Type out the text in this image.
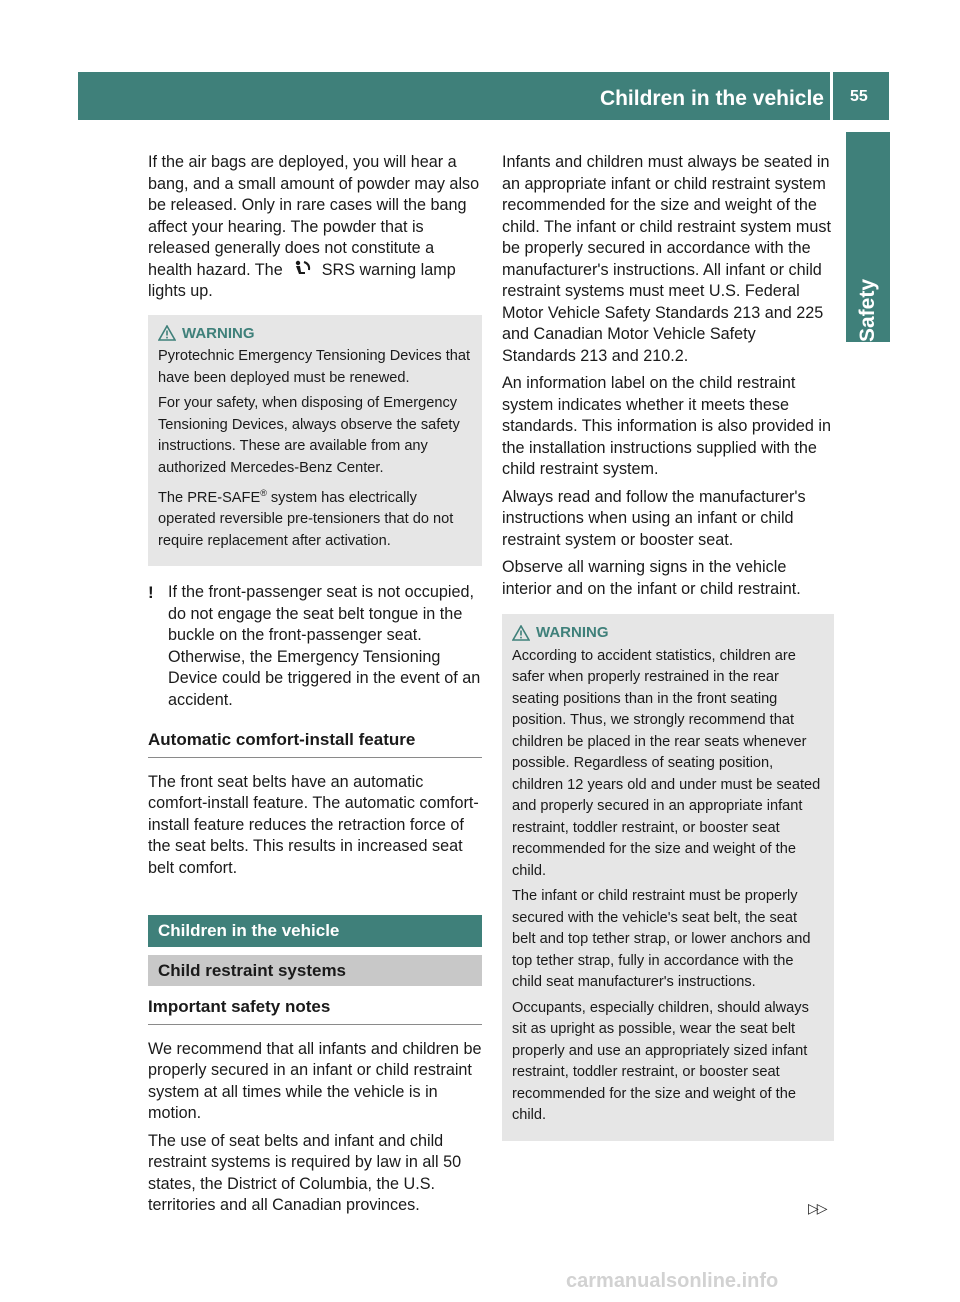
Children in the vehicle 55
Safety

If the air bags are deployed, you will hear a bang, and a small amount of powder may also be released. Only in rare cases will the bang affect your hearing. The powder that is released generally does not constitute a health hazard. The SRS warning lamp lights up.

WARNING

Pyrotechnic Emergency Tensioning Devices that have been deployed must be renewed.

For your safety, when disposing of Emergency Tensioning Devices, always observe the safety instructions. These are available from any authorized Mercedes-Benz Center.

The PRE-SAFE® system has electrically operated reversible pre-tensioners that do not require replacement after activation.

! If the front-passenger seat is not occupied, do not engage the seat belt tongue in the buckle on the front-passenger seat. Otherwise, the Emergency Tensioning Device could be triggered in the event of an accident.
Automatic comfort-install feature

The front seat belts have an automatic comfort-install feature. The automatic comfort-install feature reduces the retraction force of the seat belts. This results in increased seat belt comfort.

Children in the vehicle
Child restraint systems
Important safety notes

We recommend that all infants and children be properly secured in an infant or child restraint system at all times while the vehicle is in motion.

The use of seat belts and infant and child restraint systems is required by law in all 50 states, the District of Columbia, the U.S. territories and all Canadian provinces.

Infants and children must always be seated in an appropriate infant or child restraint system recommended for the size and weight of the child. The infant or child restraint system must be properly secured in accordance with the manufacturer's instructions. All infant or child restraint systems must meet U.S. Federal Motor Vehicle Safety Standards 213 and 225 and Canadian Motor Vehicle Safety Standards 213 and 210.2.

An information label on the child restraint system indicates whether it meets these standards. This information is also provided in the installation instructions supplied with the child restraint system.

Always read and follow the manufacturer's instructions when using an infant or child restraint system or booster seat.

Observe all warning signs in the vehicle interior and on the infant or child restraint.

WARNING

According to accident statistics, children are safer when properly restrained in the rear seating positions than in the front seating position. Thus, we strongly recommend that children be placed in the rear seats whenever possible. Regardless of seating position, children 12 years old and under must be seated and properly secured in an appropriate infant restraint, toddler restraint, or booster seat recommended for the size and weight of the child.

The infant or child restraint must be properly secured with the vehicle's seat belt, the seat belt and top tether strap, or lower anchors and top tether strap, fully in accordance with the child seat manufacturer's instructions.

Occupants, especially children, should always sit as upright as possible, wear the seat belt properly and use an appropriately sized infant restraint, toddler restraint, or booster seat recommended for the size and weight of the child.

▷▷
carmanualsonline.info
